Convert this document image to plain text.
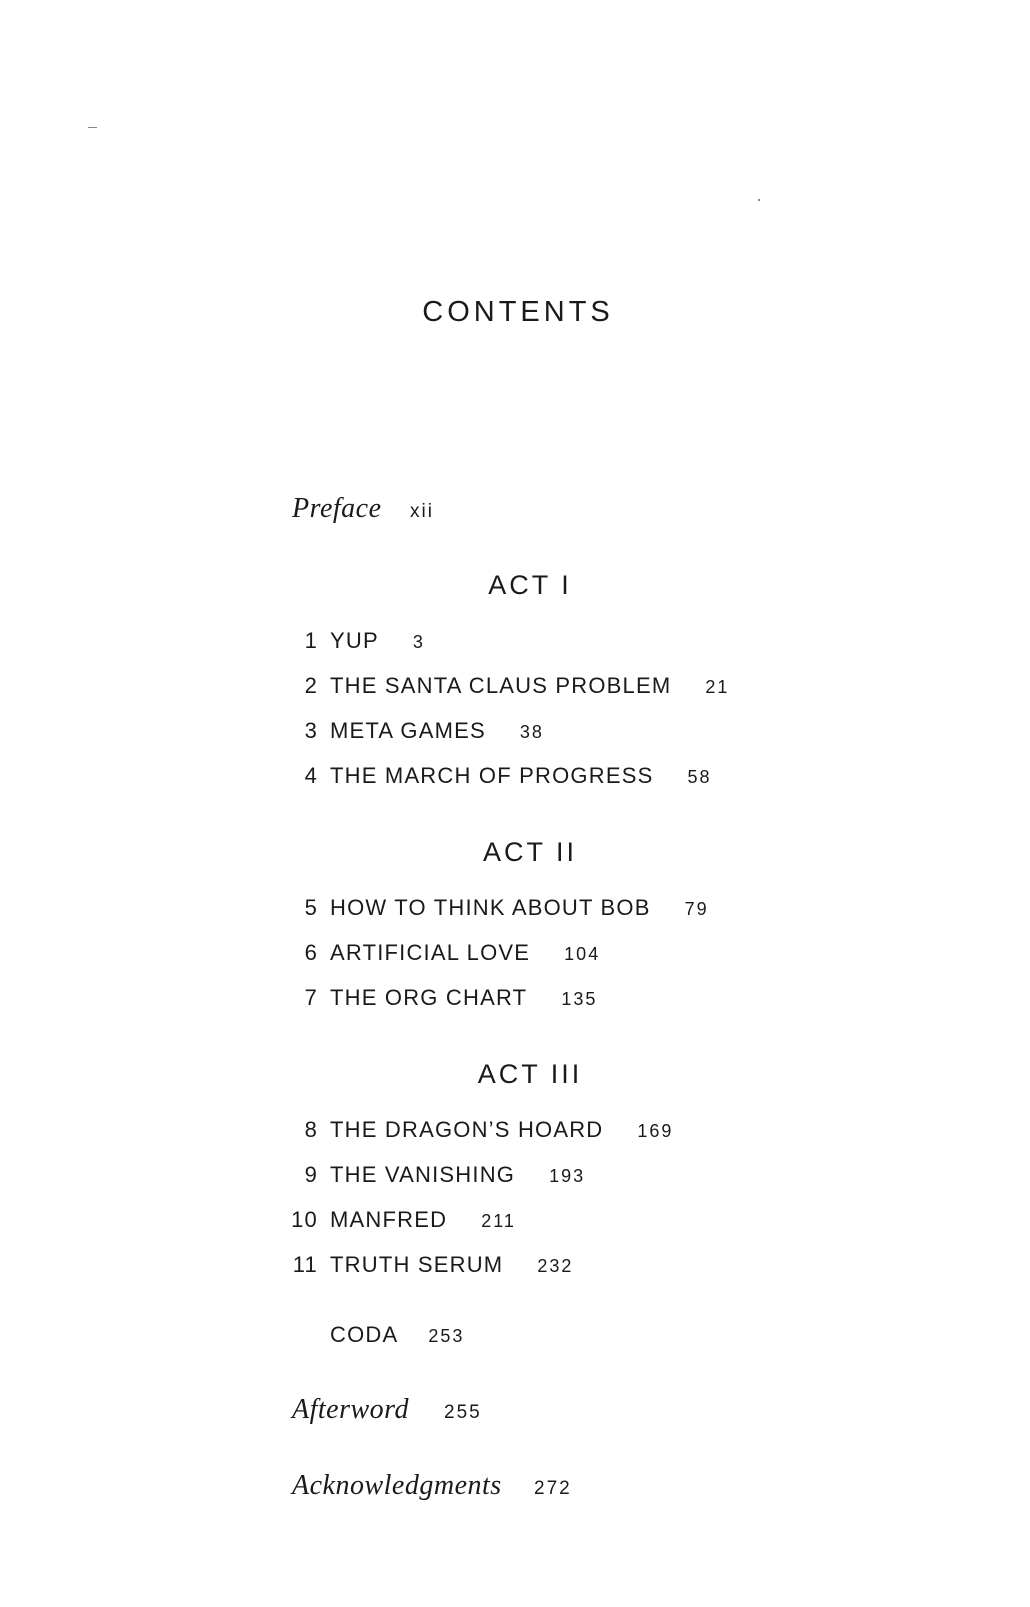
CONTENTS
Preface xii
ACT I
1 YUP 3
2 THE SANTA CLAUS PROBLEM 21
3 META GAMES 38
4 THE MARCH OF PROGRESS 58
ACT II
5 HOW TO THINK ABOUT BOB 79
6 ARTIFICIAL LOVE 104
7 THE ORG CHART 135
ACT III
8 THE DRAGON’S HOARD 169
9 THE VANISHING 193
10 MANFRED 211
11 TRUTH SERUM 232
CODA 253
Afterword 255
Acknowledgments 272
